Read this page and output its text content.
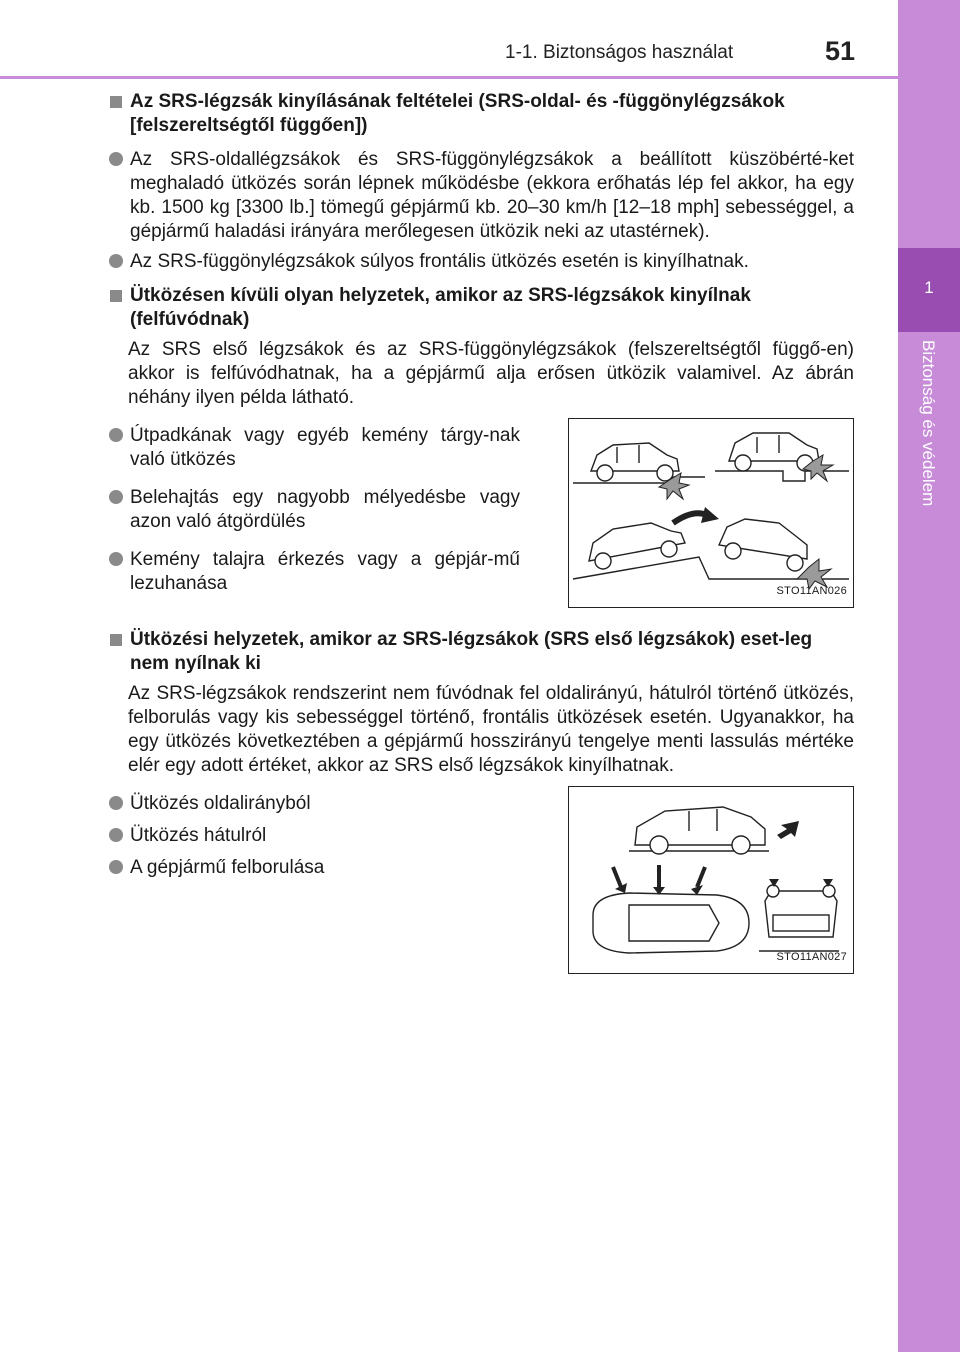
1-1. Biztonságos használat	51
1
Biztonság és védelem
Az SRS-légzsák kinyílásának feltételei (SRS-oldal- és -függönylégzsákok [felszereltségtől függően])
Az SRS-oldallégzsákok és SRS-függönylégzsákok a beállított küszöbérté-ket meghaladó ütközés során lépnek működésbe (ekkora erőhatás lép fel akkor, ha egy kb. 1500 kg [3300 lb.] tömegű gépjármű kb. 20–30 km/h [12–18 mph] sebességgel, a gépjármű haladási irányára merőlegesen ütközik neki az utastérnek).
Az SRS-függönylégzsákok súlyos frontális ütközés esetén is kinyílhatnak.
Ütközésen kívüli olyan helyzetek, amikor az SRS-légzsákok kinyílnak (felfúvódnak)
Az SRS első légzsákok és az SRS-függönylégzsákok (felszereltségtől függő-en) akkor is felfúvódhatnak, ha a gépjármű alja erősen ütközik valamivel. Az ábrán néhány ilyen példa látható.
Útpadkának vagy egyéb kemény tárgy-nak való ütközés
Belehajtás egy nagyobb mélyedésbe vagy azon való átgördülés
Kemény talajra érkezés vagy a gépjár-mű lezuhanása	STO11AN026
Ütközési helyzetek, amikor az SRS-légzsákok (SRS első légzsákok) eset-leg nem nyílnak ki
Az SRS-légzsákok rendszerint nem fúvódnak fel oldalirányú, hátulról történő ütközés, felborulás vagy kis sebességgel történő, frontális ütközések esetén. Ugyanakkor, ha egy ütközés következtében a gépjármű hosszirányú tengelye menti lassulás mértéke elér egy adott értéket, akkor az SRS első légzsákok kinyílhatnak.
Ütközés oldalirányból
Ütközés hátulról
A gépjármű felborulása
STO11AN027
